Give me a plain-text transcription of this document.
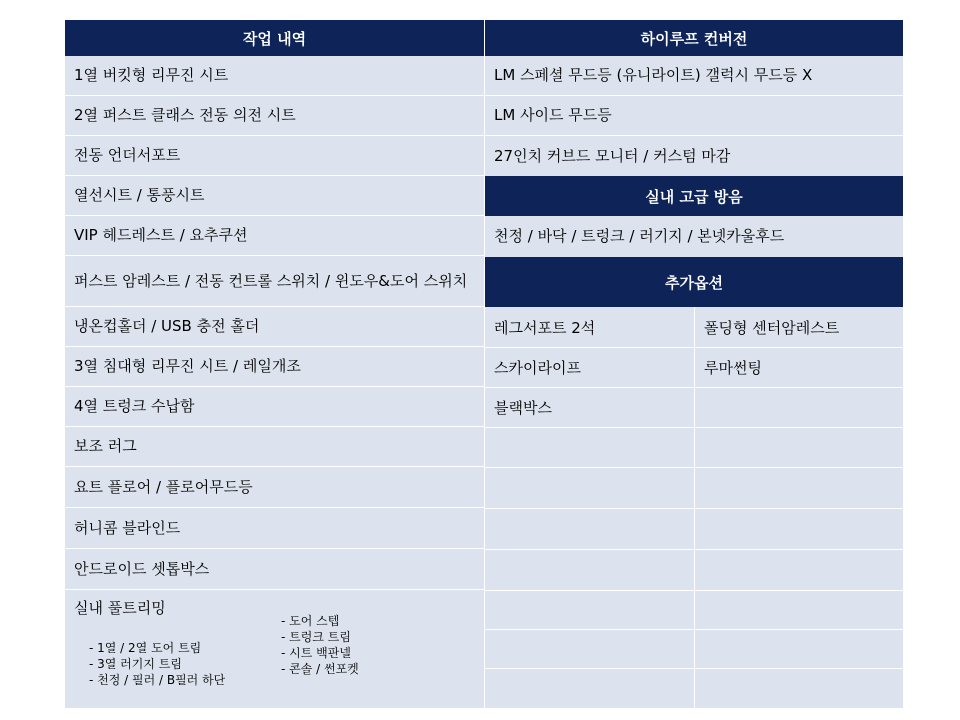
작업 내역
1열 버킷형 리무진 시트
2열 퍼스트 클래스 전동 의전 시트
전동 언더서포트
열선시트 / 통풍시트
VIP 헤드레스트 / 요추쿠션
퍼스트 암레스트 / 전동 컨트롤 스위치 / 윈도우&도어 스위치
냉온컵홀더 / USB 충전 홀더
3열 침대형 리무진 시트 / 레일개조
4열 트렁크 수납함
보조 러그
요트 플로어 / 플로어무드등
허니콤 블라인드
안드로이드 셋톱박스
실내 풀트리밍
- 1열 / 2열 도어 트림
- 3열 러기지 트림
- 천정 / 필러 / B필러 하단
- 도어 스텝
- 트렁크 트림
- 시트 백판넬
- 콘솔 / 썬포켓
하이루프 컨버전
LM 스페셜 무드등 (유니라이트) 갤럭시 무드등 X
LM 사이드 무드등
27인치 커브드 모니터 / 커스텀 마감
실내 고급 방음
천정 / 바닥 / 트렁크 / 러기지 / 본넷카울후드
추가옵션
레그서포트 2석	폴딩형 센터암레스트
스카이라이프	루마썬팅
블랙박스
